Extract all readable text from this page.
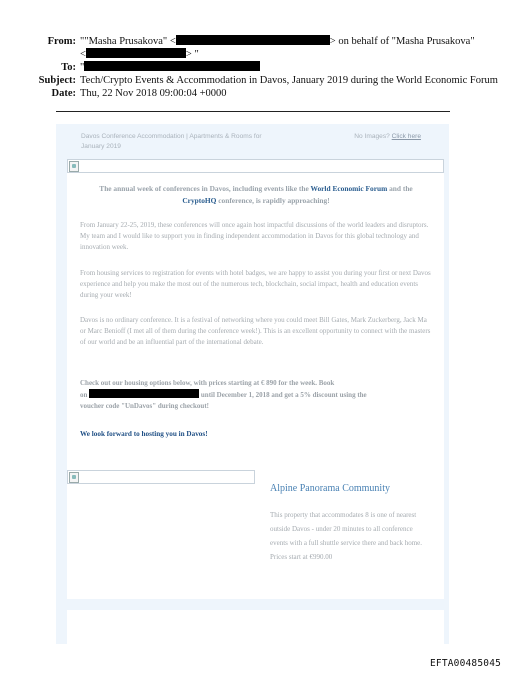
From: ""Masha Prusakova" <	> on behalf of "Masha Prusakova"
<	> "
To: "
Subject: Tech/Crypto Events & Accommodation in Davos, January 2019 during the World Economic Forum
Date: Thu, 22 Nov 2018 09:00:04 +0000
Davos Conference Accommodation | Apartments & Rooms for January 2019
No Images? Click here
The annual week of conferences in Davos, including events like the World Economic Forum and the CryptoHQ conference, is rapidly approaching!
From January 22-25, 2019, these conferences will once again host impactful discussions of the world leaders and disruptors. My team and I would like to support you in finding independent accommodation in Davos for this global technology and innovation week.
From housing services to registration for events with hotel badges, we are happy to assist you during your first or next Davos experience and help you make the most out of the numerous tech, blockchain, social impact, health and education events during your week!
Davos is no ordinary conference. It is a festival of networking where you could meet Bill Gates, Mark Zuckerberg, Jack Ma or Marc Benioff (I met all of them during the conference week!). This is an excellent opportunity to connect with the masters of our world and be an influential part of the international debate.
Check out our housing options below, with prices starting at € 890 for the week. Book
on	until December 1, 2018 and get a 5% discount using the
voucher code "UnDavos" during checkout!
We look forward to hosting you in Davos!
Alpine Panorama Community
This property that accommodates 8 is one of nearest outside Davos - under 20 minutes to all conference events with a full shuttle service there and back home. Prices start at €990.00
EFTA00485045
